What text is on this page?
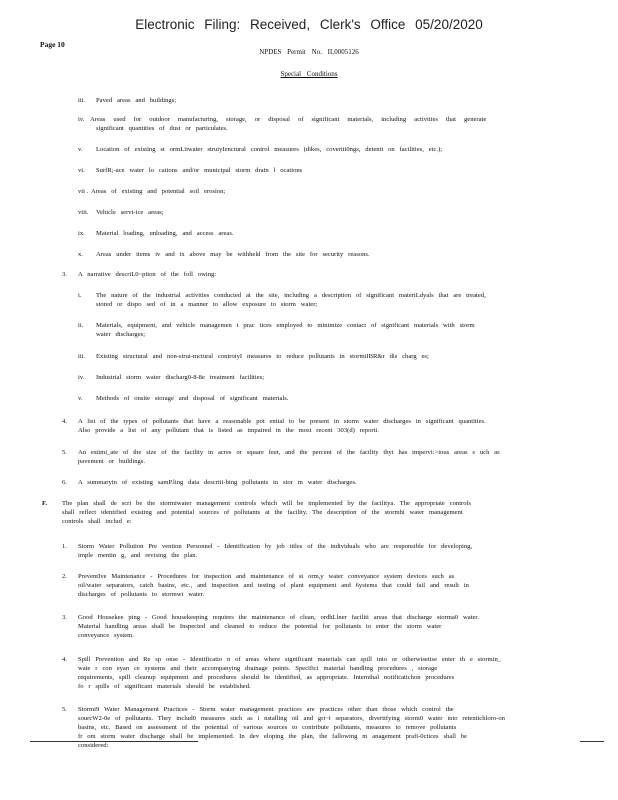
Electronic Filing: Received, Clerk's Office 05/20/2020
Page 10
NPDES Permit No. IL0005126
Special Conditions
iii. Paved areas and buildings;
iv. Areas used for outdoor manufacturing, storage, or disposal of significant materials, including activities that generate
significant quantities of dust or particulates.
v. Location of existing st ormLiiwater struiyIenctural control measures (dikes, coveriii0ngs, detenti on facilities, etc.);
vi. SurfR;-ace water lo cations and/or municipal storm drain l ocations
vii . Areas of existing and potential soil erosion;
viii. Vehicle servi-ice areas;
ix. Material loading, unloading, and access areas.
x. Areas under items iv and ix above may be withheld from the site for security reasons.
3. A narrative descriL0~ption of the foll owing:
i. The nature of the industrial activities conducted at the site, including a description of significant materiLdyals that are treated,
stored or dispo sed of in a manner to allow exposure to storm water;
ii. Materials, equipment, and vehicle managemen t prac tices employed to minimize contact of significant materials with storm
water discharges;
iii. Existing structural and non-strui-mctural controiyI measures to reduce pollutants in stormiIBR&r dis charg es;
iv. Industrial storm water discharg0-8-8e treatment facilities;
v. Methods of onsite storage and disposal of significant materials.
4. A list of the types of pollutants that have a reasonable pot ential to be present in storm water discharges in significant quantities.
Also provide a list of any pollutant that is listed as impaired in the most recent 303(d) reporti.
5. An estimi_ate of the size of the facility in acres or square feet, and the percent of the facility thyt has impervi:>ious areas s uch as
pavement or buildings.
6. A summaryin of existing samP.ling data descriii-bing pollutants in stor m water discharges.
F. The plan shall de scri be the stormiwater management controls which will be implemented by the facilitya. The appropriate controls
shall reflect identified existing and potential sources of pollutants at the facility. The description of the stormhi water management
controls shall includ e:
1. Storm Water Pollution Pre vention Personnel - Identification by job titles of the individuals who are responsible for developing,
imple mentin g, and revising the plan.
2. PreventIve Maintenance - Procedures for inspection and maintenance of st orm,y water conveyance system devices such as
oil/water separators, catch basins, etc., and inspection and testing of plant equipment and 6ystems that could fail and result in
discharges of pollutants to stormwt water.
3. Good Housekee ping - Good housekeeping requires the maintenance of clean, ordhLlner faciliti areas that discharge storma0 water.
Material handling areas shall be Inspected and cleaned to reduce the potential for pollutants to enter the storm water
conveyance system.
4. Spill Prevention and Re sp onse - Identificatio n of areas where significant materials can spill into or otherwisetise enter th e stormin_
wate r con eyan ce systems and their accompanying drainage points. Specifici material handling procedures , storage
requirements, spill cleanup equipment and procedures should be identified, as appropriate. Internihal notificatichon procedures
fo r spills of significant materials should be established.
5. Stormi9 Water Management Practices - Storm water management practices are practices other than those which control the
sourcW2-0e of pollutants. They includ0 measures such as i nstalling oil and gri~t separators, diverttfying storm0 water into retentichloro-on
basins, etc. Based on assessment of the potential of various sources to contribute pollutants, measures to remove pollutants
fr om storm water discharge shall be implemented. In dev eloping the plan, the fallowing m anagement prafi-0ctices shall be
considered:
